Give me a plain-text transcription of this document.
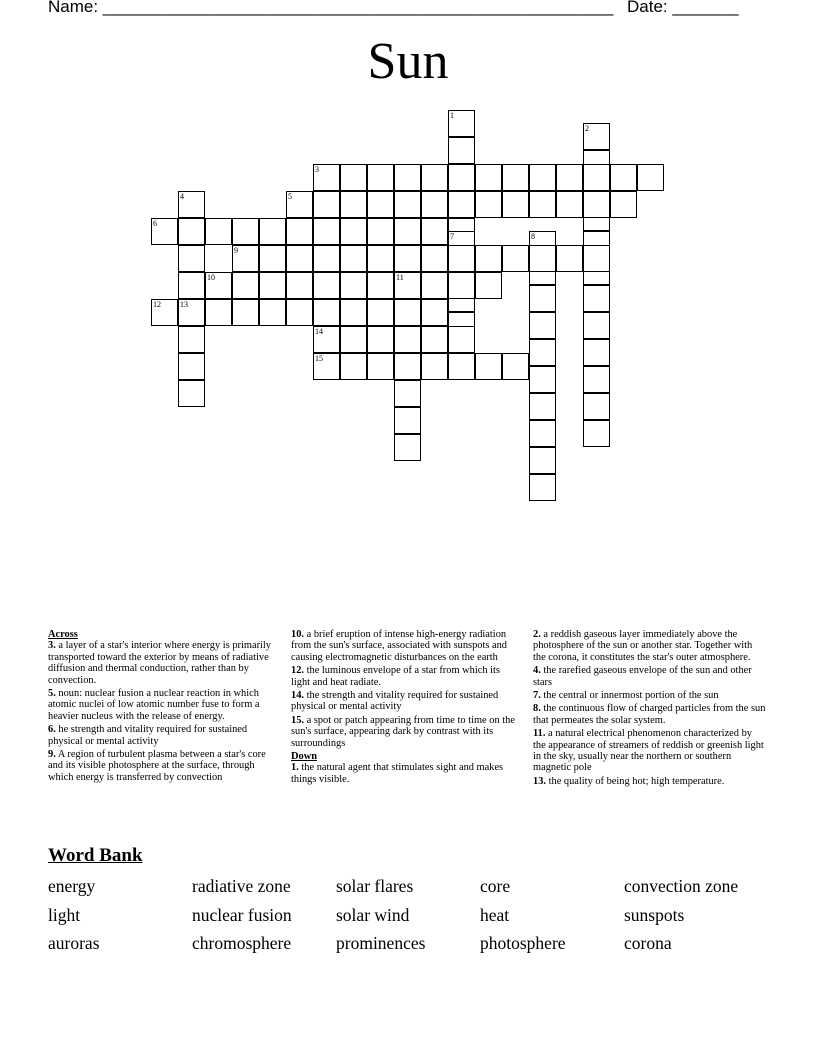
Name: ______________________________________________________ Date: _______
Sun
1
2
3
4
13
5
6
7	8
9
10	11
12
14
15
Across
3. a layer of a star's interior where energy is primarily transported toward the exterior by means of radiative diffusion and thermal conduction, rather than by convection.
5. noun: nuclear fusion a nuclear reaction in which atomic nuclei of low atomic number fuse to form a heavier nucleus with the release of energy.
6. he strength and vitality required for sustained physical or mental activity
9. A region of turbulent plasma between a star's core and its visible photosphere at the surface, through which energy is transferred by convection
10. a brief eruption of intense high-energy radiation from the sun's surface, associated with sunspots and causing electromagnetic disturbances on the earth
12. the luminous envelope of a star from which its light and heat radiate.
14. the strength and vitality required for sustained physical or mental activity
15. a spot or patch appearing from time to time on the sun's surface, appearing dark by contrast with its surroundings
Down
1. the natural agent that stimulates sight and makes things visible.
2. a reddish gaseous layer immediately above the photosphere of the sun or another star. Together with the corona, it constitutes the star's outer atmosphere.
4. the rarefied gaseous envelope of the sun and other stars
7. the central or innermost portion of the sun
8. the continuous flow of charged particles from the sun that permeates the solar system.
11. a natural electrical phenomenon characterized by the appearance of streamers of reddish or greenish light in the sky, usually near the northern or southern magnetic pole
13. the quality of being hot; high temperature.
Word Bank
energy	radiative zone	solar flares	core	convection zone
light	nuclear fusion	solar wind	heat	sunspots
auroras	chromosphere	prominences	photosphere	corona
